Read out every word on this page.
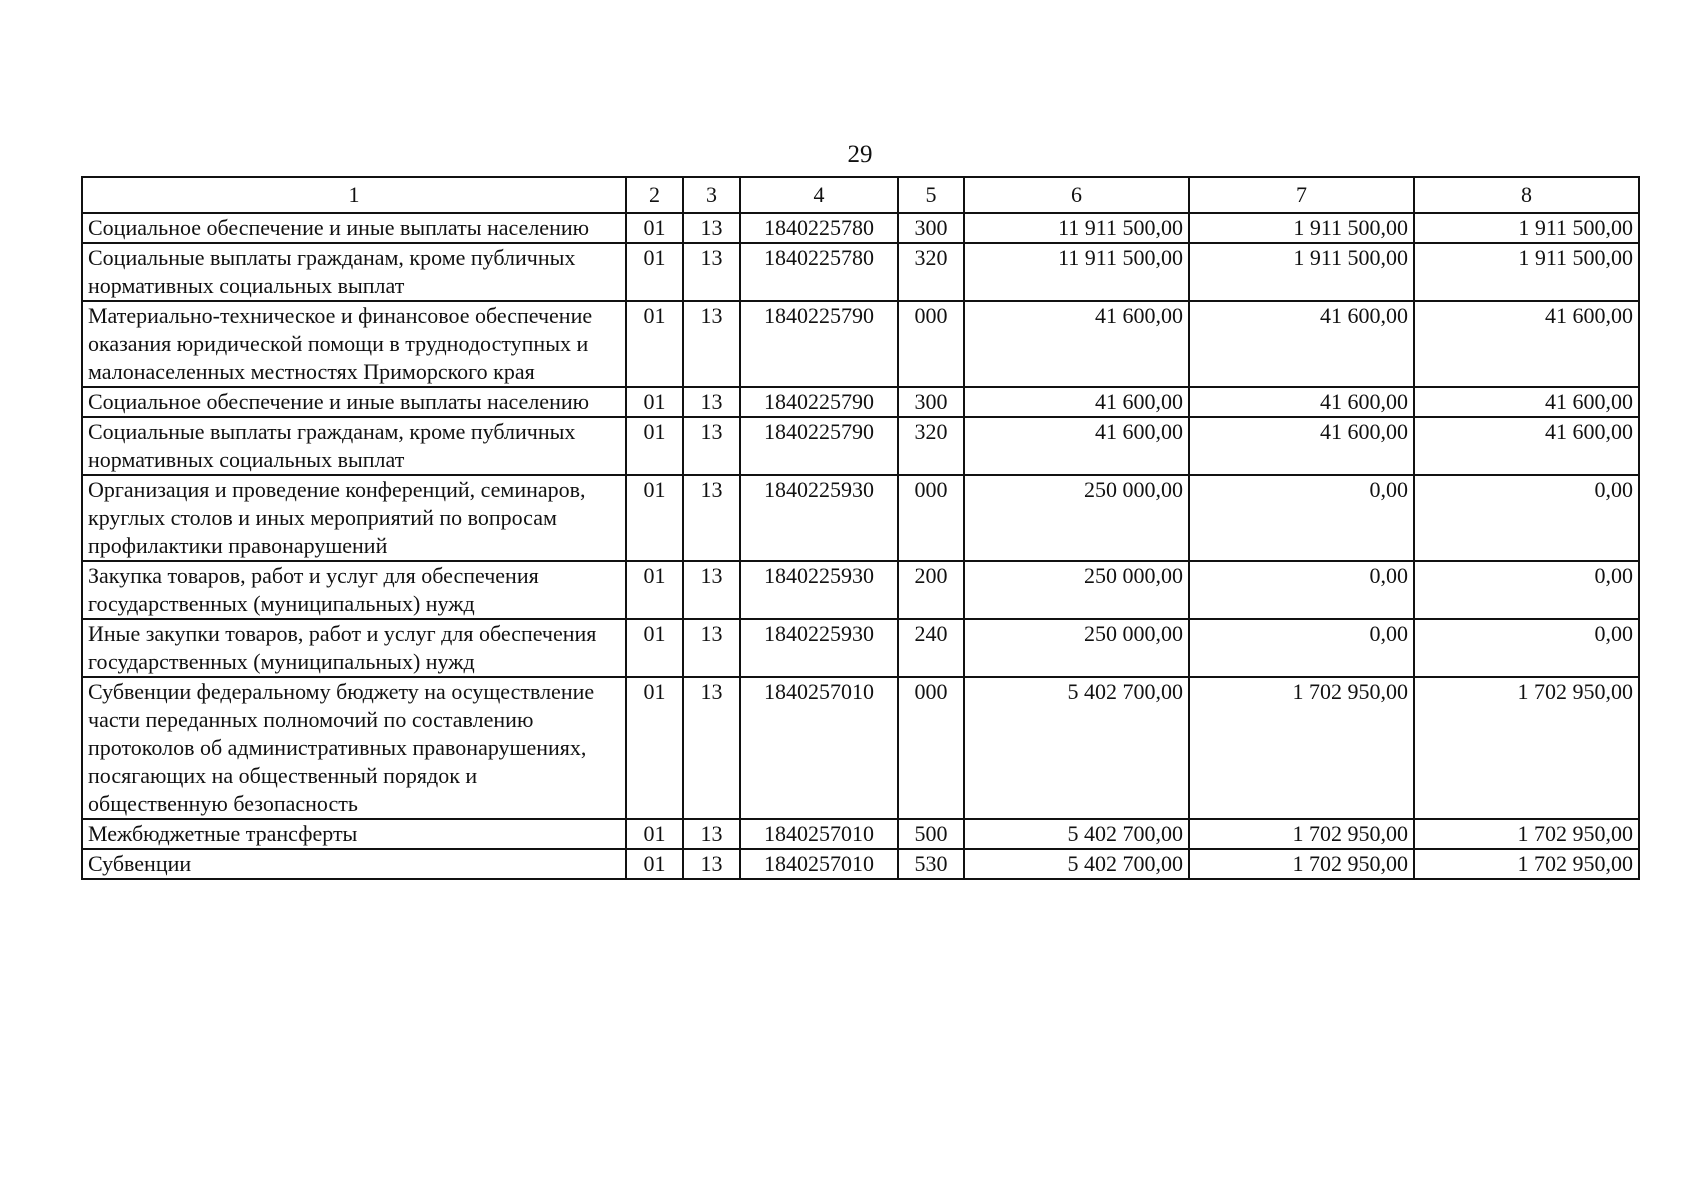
29
1	2	3	4	5	6	7	8
Социальное обеспечение и иные выплаты населению	01	13	1840225780	300	11 911 500,00	1 911 500,00	1 911 500,00
Социальные выплаты гражданам, кроме публичных нормативных социальных выплат	01	13	1840225780	320	11 911 500,00	1 911 500,00	1 911 500,00
Материально-техническое и финансовое обеспечение оказания юридической помощи в труднодоступных и малонаселенных местностях Приморского края	01	13	1840225790	000	41 600,00	41 600,00	41 600,00
Социальное обеспечение и иные выплаты населению	01	13	1840225790	300	41 600,00	41 600,00	41 600,00
Социальные выплаты гражданам, кроме публичных нормативных социальных выплат	01	13	1840225790	320	41 600,00	41 600,00	41 600,00
Организация и проведение конференций, семинаров, круглых столов и иных мероприятий по вопросам профилактики правонарушений	01	13	1840225930	000	250 000,00	0,00	0,00
Закупка товаров, работ и услуг для обеспечения государственных (муниципальных) нужд	01	13	1840225930	200	250 000,00	0,00	0,00
Иные закупки товаров, работ и услуг для обеспечения государственных (муниципальных) нужд	01	13	1840225930	240	250 000,00	0,00	0,00
Субвенции федеральному бюджету на осуществление части переданных полномочий по составлению протоколов об административных правонарушениях, посягающих на общественный порядок и общественную безопасность	01	13	1840257010	000	5 402 700,00	1 702 950,00	1 702 950,00
Межбюджетные трансферты	01	13	1840257010	500	5 402 700,00	1 702 950,00	1 702 950,00
Субвенции	01	13	1840257010	530	5 402 700,00	1 702 950,00	1 702 950,00
